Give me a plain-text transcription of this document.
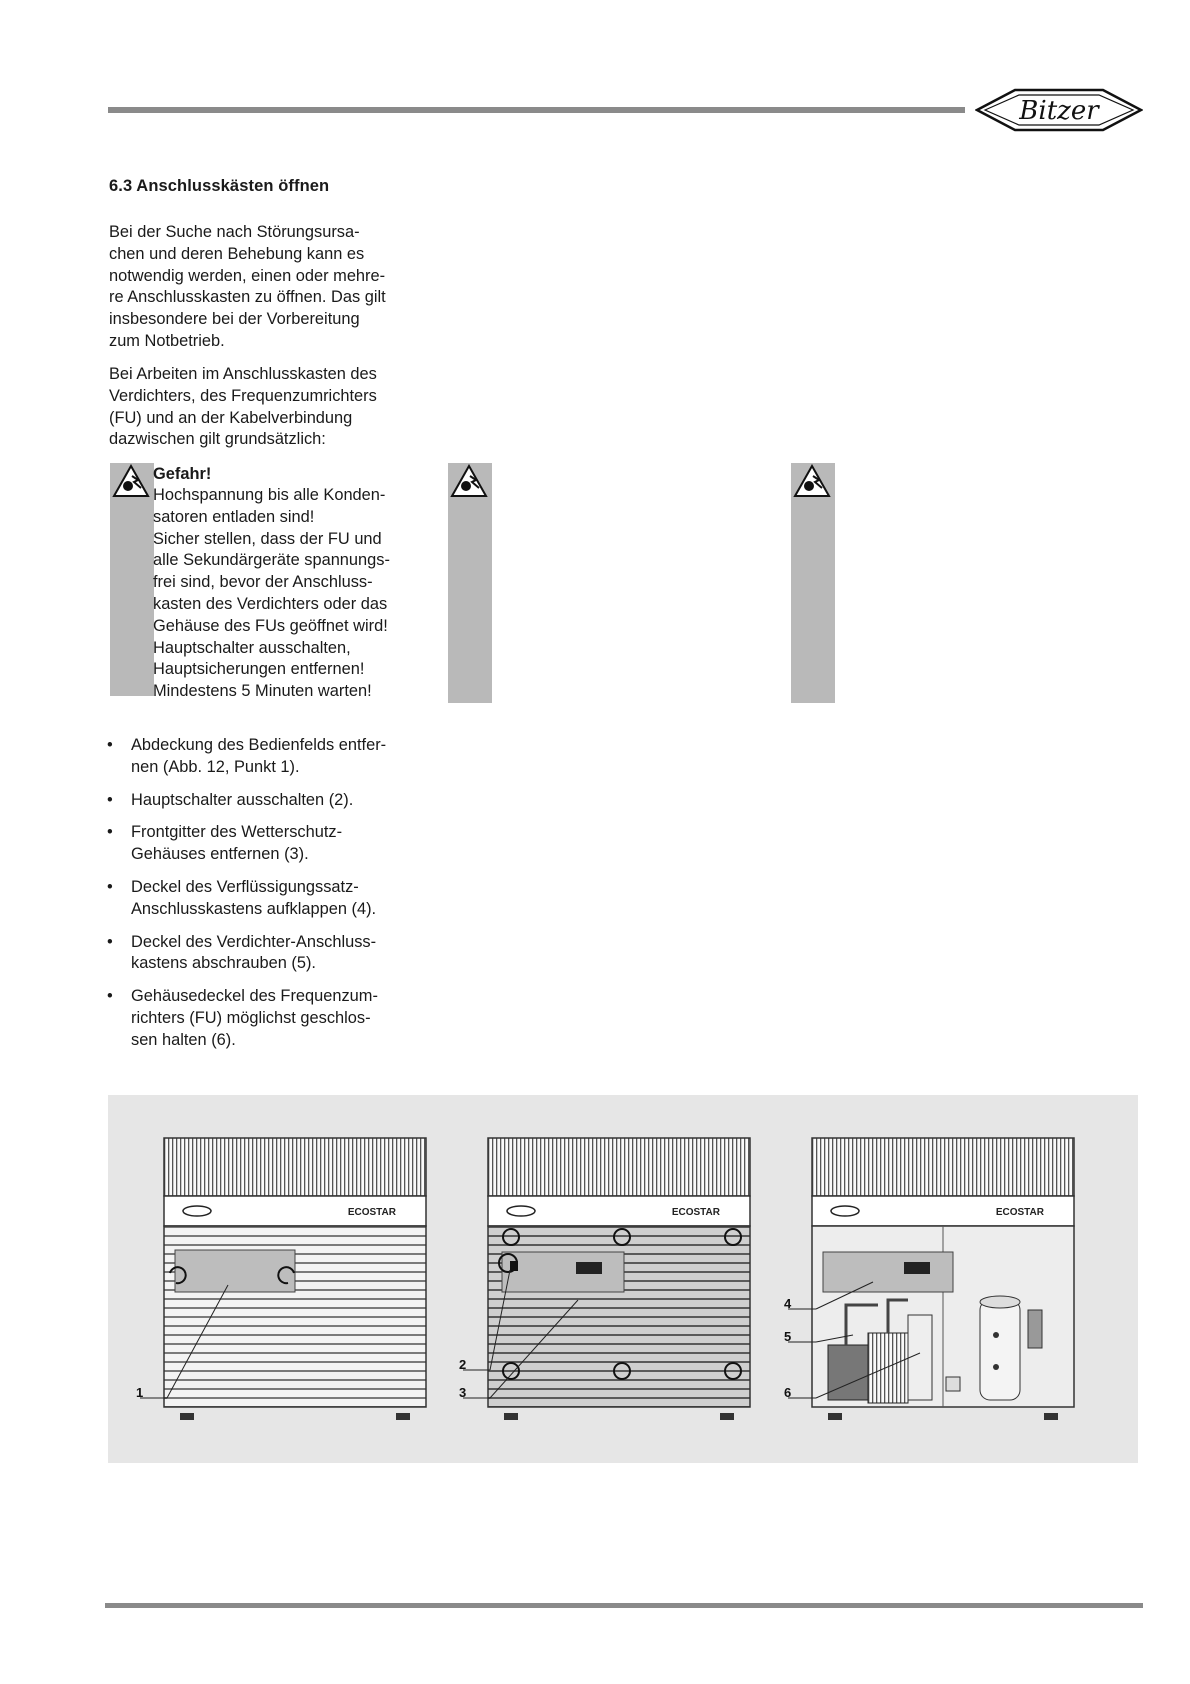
Bitzer
6.3 Anschlusskästen öffnen
Bei der Suche nach Störungsursa-
chen und deren Behebung kann es
notwendig werden, einen oder mehre-
re Anschlusskasten zu öffnen. Das gilt
insbesondere bei der Vorbereitung
zum Notbetrieb.
Bei Arbeiten im Anschlusskasten des
Verdichters, des Frequenzumrichters
(FU) und an der Kabelverbindung
dazwischen gilt grundsätzlich:
Gefahr!
Hochspannung bis alle Konden-
satoren entladen sind!
Sicher stellen, dass der FU und
alle Sekundärgeräte spannungs-
frei sind, bevor der Anschluss-
kasten des Verdichters oder das
Gehäuse des FUs geöffnet wird!
Hauptschalter ausschalten,
Hauptsicherungen entfernen!
Mindestens 5 Minuten warten!
• Abdeckung des Bedienfelds entfer-
nen (Abb. 12, Punkt 1).
• Hauptschalter ausschalten (2).
• Frontgitter des Wetterschutz-
Gehäuses entfernen (3).
• Deckel des Verflüssigungssatz-
Anschlusskastens aufklappen (4).
• Deckel des Verdichter-Anschluss-
kastens abschrauben (5).
• Gehäusedeckel des Frequenzum-
richters (FU) möglichst geschlos-
sen halten (6).
ECOSTAR	ECOSTAR	ECOSTAR
1
2
3
4
5
6
